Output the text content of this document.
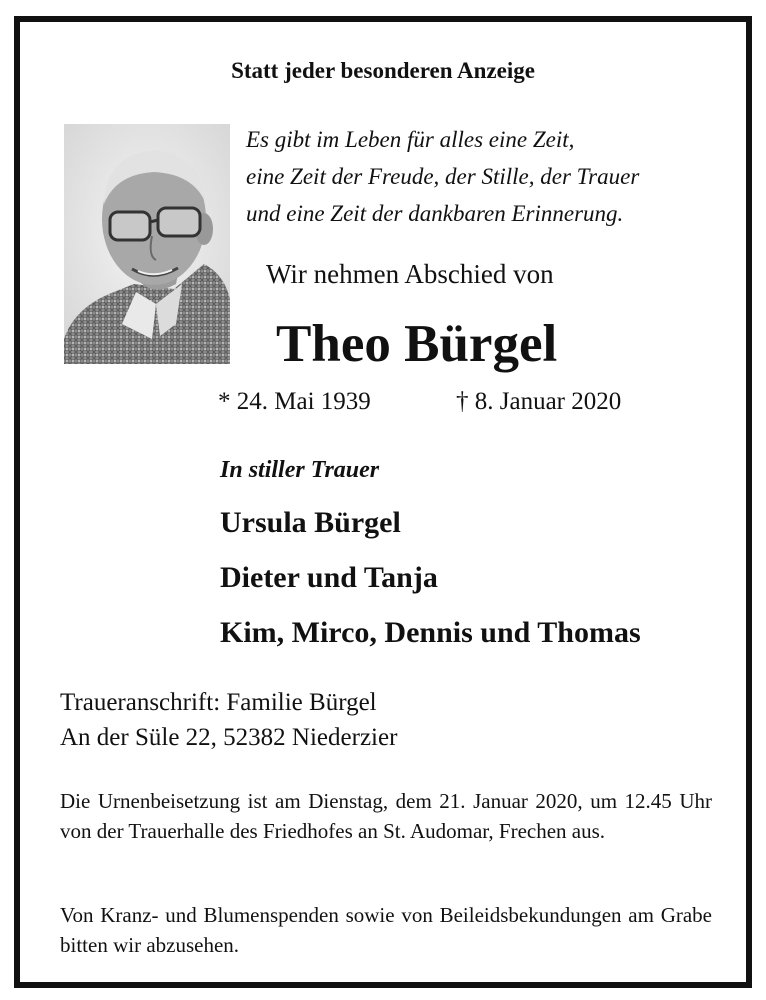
Statt jeder besonderen Anzeige
Es gibt im Leben für alles eine Zeit,
eine Zeit der Freude, der Stille, der Trauer
und eine Zeit der dankbaren Erinnerung.
Wir nehmen Abschied von
Theo Bürgel
* 24. Mai 1939	† 8. Januar 2020
In stiller Trauer
Ursula Bürgel
Dieter und Tanja
Kim, Mirco, Dennis und Thomas
Traueranschrift: Familie Bürgel
An der Süle 22, 52382 Niederzier
Die Urnenbeisetzung ist am Dienstag, dem 21. Januar 2020, um 12.45 Uhr von der Trauerhalle des Friedhofes an St. Audomar, Frechen aus.
Von Kranz- und Blumenspenden sowie von Beileidsbekundungen am Grabe bitten wir abzusehen.
